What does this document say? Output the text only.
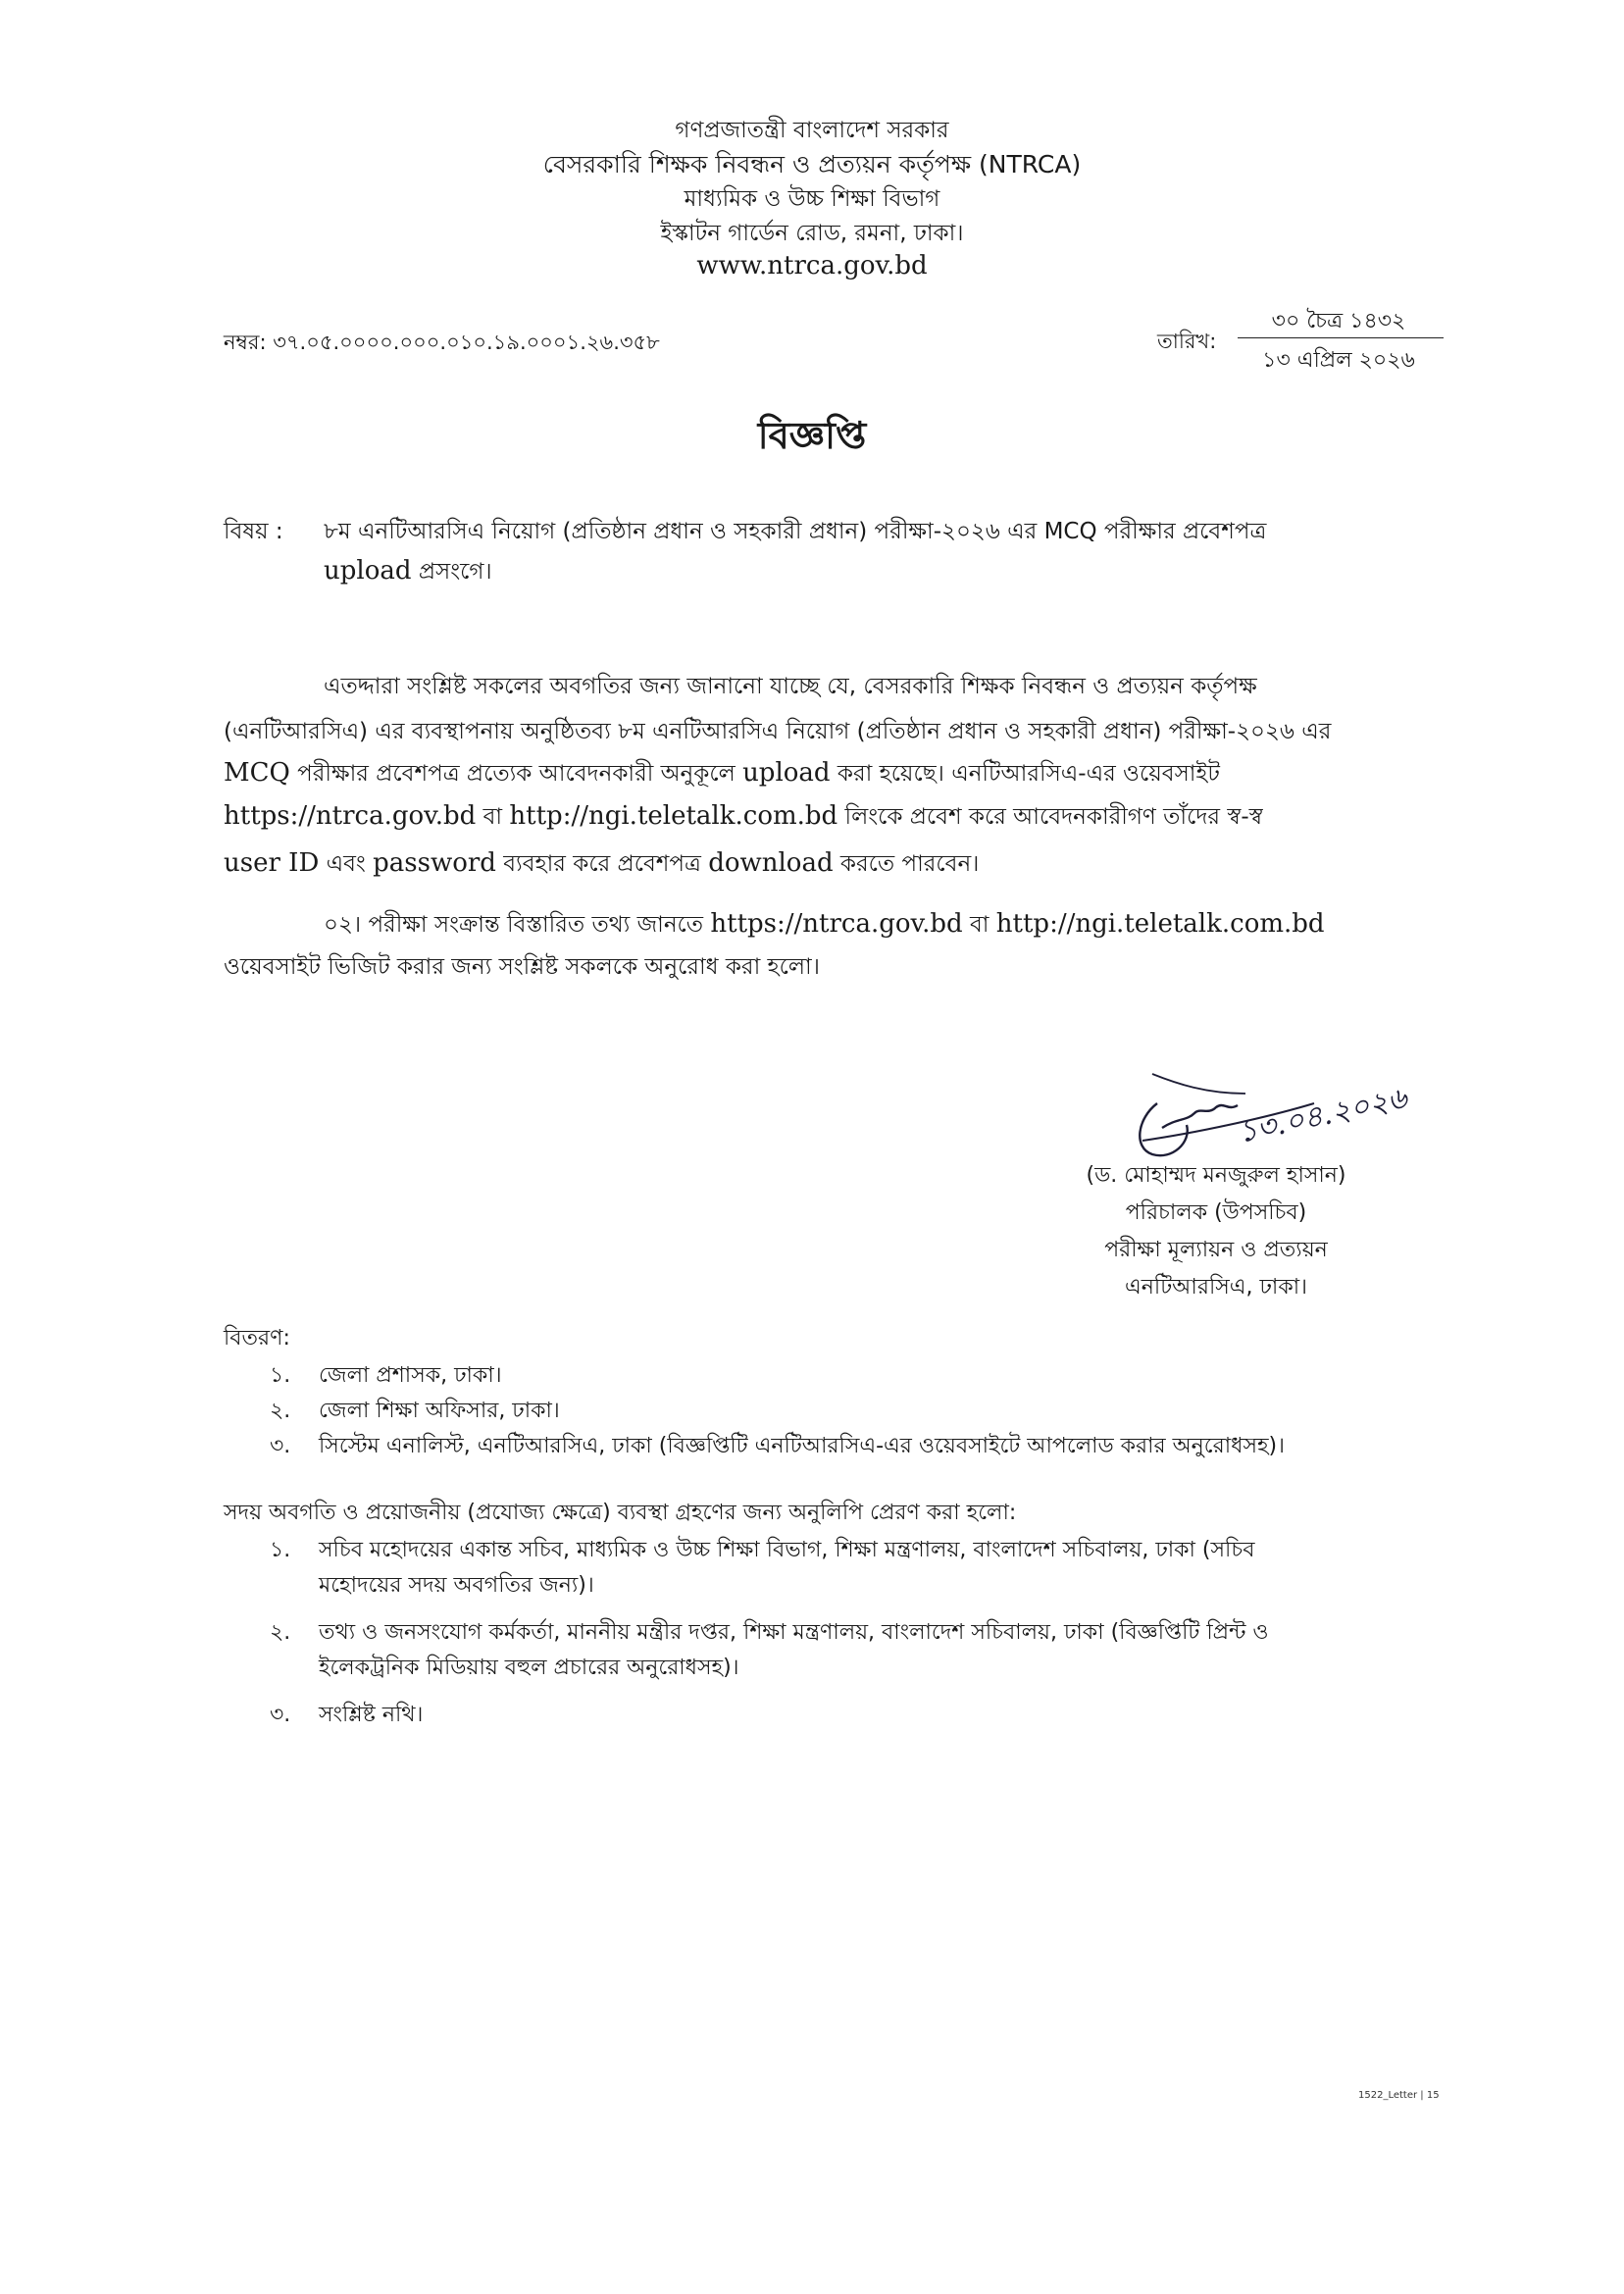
গণপ্রজাতন্ত্রী বাংলাদেশ সরকার
বেসরকারি শিক্ষক নিবন্ধন ও প্রত্যয়ন কর্তৃপক্ষ (NTRCA)
মাধ্যমিক ও উচ্চ শিক্ষা বিভাগ
ইস্কাটন গার্ডেন রোড, রমনা, ঢাকা।
www.ntrca.gov.bd
নম্বর: ৩৭.০৫.০০০০.০০০.০১০.১৯.০০০১.২৬.৩৫৮	তারিখ:
৩০ চৈত্র ১৪৩২
১৩ এপ্রিল ২০২৬
বিজ্ঞপ্তি
বিষয় : ৮ম এনটিআরসিএ নিয়োগ (প্রতিষ্ঠান প্রধান ও সহকারী প্রধান) পরীক্ষা-২০২৬ এর MCQ পরীক্ষার প্রবেশপত্র
upload প্রসংগে।
এতদ্দারা সংশ্লিষ্ট সকলের অবগতির জন্য জানানো যাচ্ছে যে, বেসরকারি শিক্ষক নিবন্ধন ও প্রত্যয়ন কর্তৃপক্ষ
(এনটিআরসিএ) এর ব্যবস্থাপনায় অনুষ্ঠিতব্য ৮ম এনটিআরসিএ নিয়োগ (প্রতিষ্ঠান প্রধান ও সহকারী প্রধান) পরীক্ষা-২০২৬ এর
MCQ পরীক্ষার প্রবেশপত্র প্রত্যেক আবেদনকারী অনুকূলে upload করা হয়েছে। এনটিআরসিএ-এর ওয়েবসাইট
https://ntrca.gov.bd বা http://ngi.teletalk.com.bd লিংকে প্রবেশ করে আবেদনকারীগণ তাঁদের স্ব-স্ব
user ID এবং password ব্যবহার করে প্রবেশপত্র download করতে পারবেন।
০২। পরীক্ষা সংক্রান্ত বিস্তারিত তথ্য জানতে https://ntrca.gov.bd বা http://ngi.teletalk.com.bd
ওয়েবসাইট ভিজিট করার জন্য সংশ্লিষ্ট সকলকে অনুরোধ করা হলো।
১৩.০৪.২০২৬
(ড. মোহাম্মদ মনজুরুল হাসান)
পরিচালক (উপসচিব)
পরীক্ষা মূল্যায়ন ও প্রত্যয়ন
এনটিআরসিএ, ঢাকা।
বিতরণ:
১. জেলা প্রশাসক, ঢাকা।
২. জেলা শিক্ষা অফিসার, ঢাকা।
৩. সিস্টেম এনালিস্ট, এনটিআরসিএ, ঢাকা (বিজ্ঞপ্তিটি এনটিআরসিএ-এর ওয়েবসাইটে আপলোড করার অনুরোধসহ)।
সদয় অবগতি ও প্রয়োজনীয় (প্রযোজ্য ক্ষেত্রে) ব্যবস্থা গ্রহণের জন্য অনুলিপি প্রেরণ করা হলো:
১. সচিব মহোদয়ের একান্ত সচিব, মাধ্যমিক ও উচ্চ শিক্ষা বিভাগ, শিক্ষা মন্ত্রণালয়, বাংলাদেশ সচিবালয়, ঢাকা (সচিব
মহোদয়ের সদয় অবগতির জন্য)।
২. তথ্য ও জনসংযোগ কর্মকর্তা, মাননীয় মন্ত্রীর দপ্তর, শিক্ষা মন্ত্রণালয়, বাংলাদেশ সচিবালয়, ঢাকা (বিজ্ঞপ্তিটি প্রিন্ট ও
ইলেকট্রনিক মিডিয়ায় বহুল প্রচারের অনুরোধসহ)।
৩. সংশ্লিষ্ট নথি।
1522_Letter | 15
